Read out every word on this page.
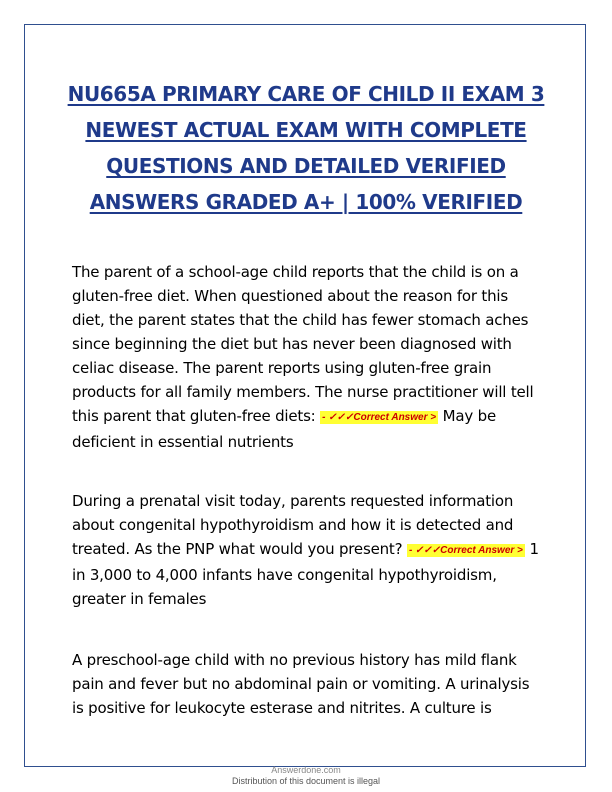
NU665A PRIMARY CARE OF CHILD II EXAM 3 NEWEST ACTUAL EXAM WITH COMPLETE QUESTIONS AND DETAILED VERIFIED ANSWERS GRADED A+ | 100% VERIFIED

The parent of a school-age child reports that the child is on a gluten-free diet. When questioned about the reason for this diet, the parent states that the child has fewer stomach aches since beginning the diet but has never been diagnosed with celiac disease. The parent reports using gluten-free grain products for all family members. The nurse practitioner will tell this parent that gluten-free diets: - ✓✓✓Correct Answer > May be deficient in essential nutrients

During a prenatal visit today, parents requested information about congenital hypothyroidism and how it is detected and treated. As the PNP what would you present? - ✓✓✓Correct Answer > 1 in 3,000 to 4,000 infants have congenital hypothyroidism, greater in females

A preschool-age child with no previous history has mild flank pain and fever but no abdominal pain or vomiting. A urinalysis is positive for leukocyte esterase and nitrites. A culture is

Answerdone.com
Distribution of this document is illegal
